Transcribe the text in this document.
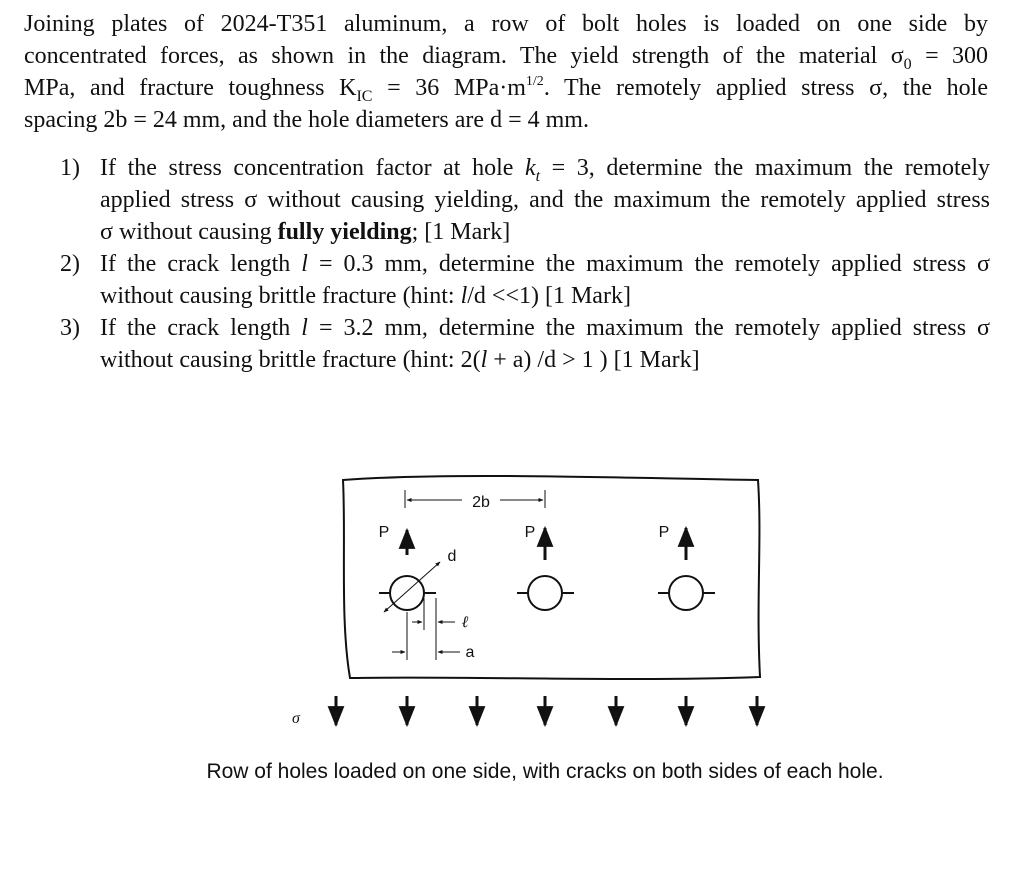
Joining plates of 2024-T351 aluminum, a row of bolt holes is loaded on one side by
concentrated forces, as shown in the diagram. The yield strength of the material $\sigma_0 = 300$
MPa, and fracture toughness $K_{IC} = 36$ $MPa\cdot m^{1/2}$. The remotely applied stress σ, the hole
spacing 2b = 24 mm, and the hole diameters are d = 4 mm.
1) If the stress concentration factor at hole $k_t = 3$, determine the maximum the remotely
applied stress σ without causing yielding, and the maximum the remotely applied stress
σ without causing fully yielding; [1 Mark]
2) If the crack length l = 0.3 mm, determine the maximum the remotely applied stress σ
without causing brittle fracture (hint: l/d <<1) [1 Mark]
3) If the crack length l = 3.2 mm, determine the maximum the remotely applied stress σ
without causing brittle fracture (hint: 2(l + a) /d > 1 ) [1 Mark]
2b
P
d
ℓ
a
P	P
σ
Row of holes loaded on one side, with cracks on both sides of each hole.
